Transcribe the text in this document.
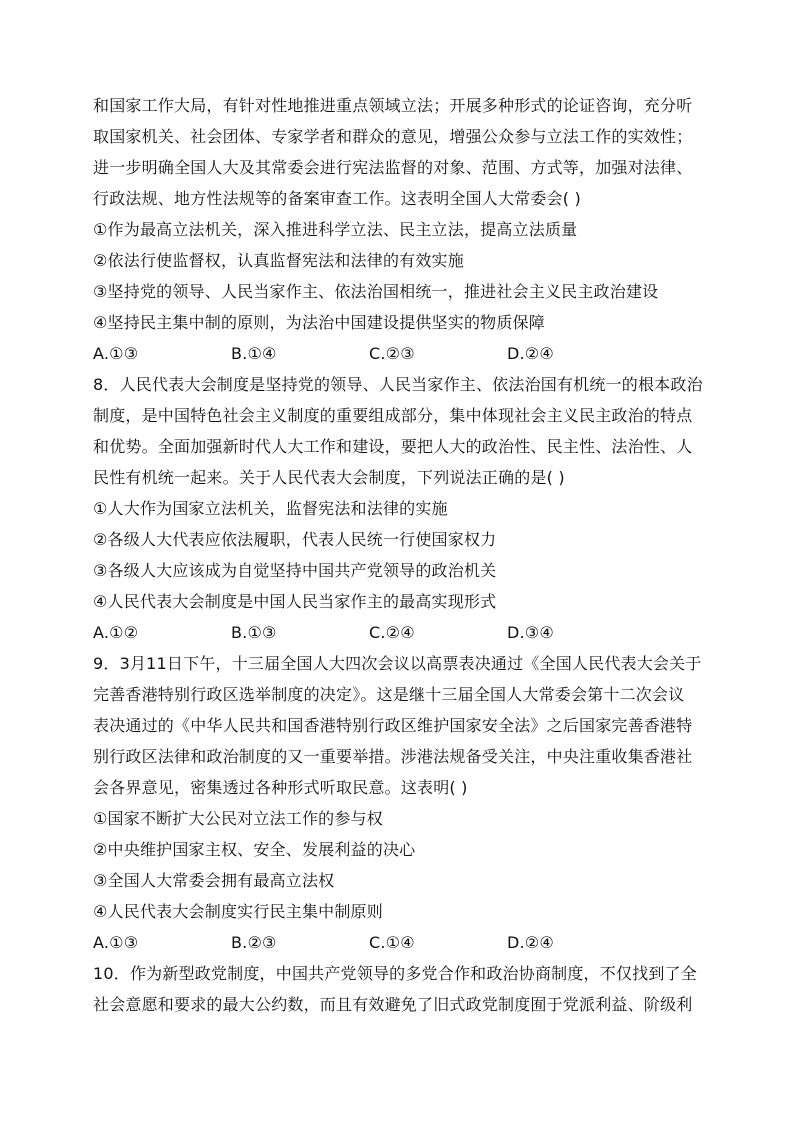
和国家工作大局，有针对性地推进重点领域立法；开展多种形式的论证咨询，充分听
取国家机关、社会团体、专家学者和群众的意见，增强公众参与立法工作的实效性；
进一步明确全国人大及其常委会进行宪法监督的对象、范围、方式等，加强对法律、
行政法规、地方性法规等的备案审查工作。这表明全国人大常委会( )
①作为最高立法机关，深入推进科学立法、民主立法，提高立法质量
②依法行使监督权，认真监督宪法和法律的有效实施
③坚持党的领导、人民当家作主、依法治国相统一，推进社会主义民主政治建设
④坚持民主集中制的原则，为法治中国建设提供坚实的物质保障
A.①③	B.①④	C.②③	D.②④
8．人民代表大会制度是坚持党的领导、人民当家作主、依法治国有机统一的根本政治
制度，是中国特色社会主义制度的重要组成部分，集中体现社会主义民主政治的特点
和优势。全面加强新时代人大工作和建设，要把人大的政治性、民主性、法治性、人
民性有机统一起来。关于人民代表大会制度，下列说法正确的是( )
①人大作为国家立法机关，监督宪法和法律的实施
②各级人大代表应依法履职，代表人民统一行使国家权力
③各级人大应该成为自觉坚持中国共产党领导的政治机关
④人民代表大会制度是中国人民当家作主的最高实现形式
A.①②	B.①③	C.②④	D.③④
9．3月11日下午，十三届全国人大四次会议以高票表决通过《全国人民代表大会关于
完善香港特别行政区选举制度的决定》。这是继十三届全国人大常委会第十二次会议
表决通过的《中华人民共和国香港特别行政区维护国家安全法》之后国家完善香港特
别行政区法律和政治制度的又一重要举措。涉港法规备受关注，中央注重收集香港社
会各界意见，密集透过各种形式听取民意。这表明( )
①国家不断扩大公民对立法工作的参与权
②中央维护国家主权、安全、发展利益的决心
③全国人大常委会拥有最高立法权
④人民代表大会制度实行民主集中制原则
A.①③	B.②③	C.①④	D.②④
10．作为新型政党制度，中国共产党领导的多党合作和政治协商制度，不仅找到了全
社会意愿和要求的最大公约数，而且有效避免了旧式政党制度囿于党派利益、阶级利
